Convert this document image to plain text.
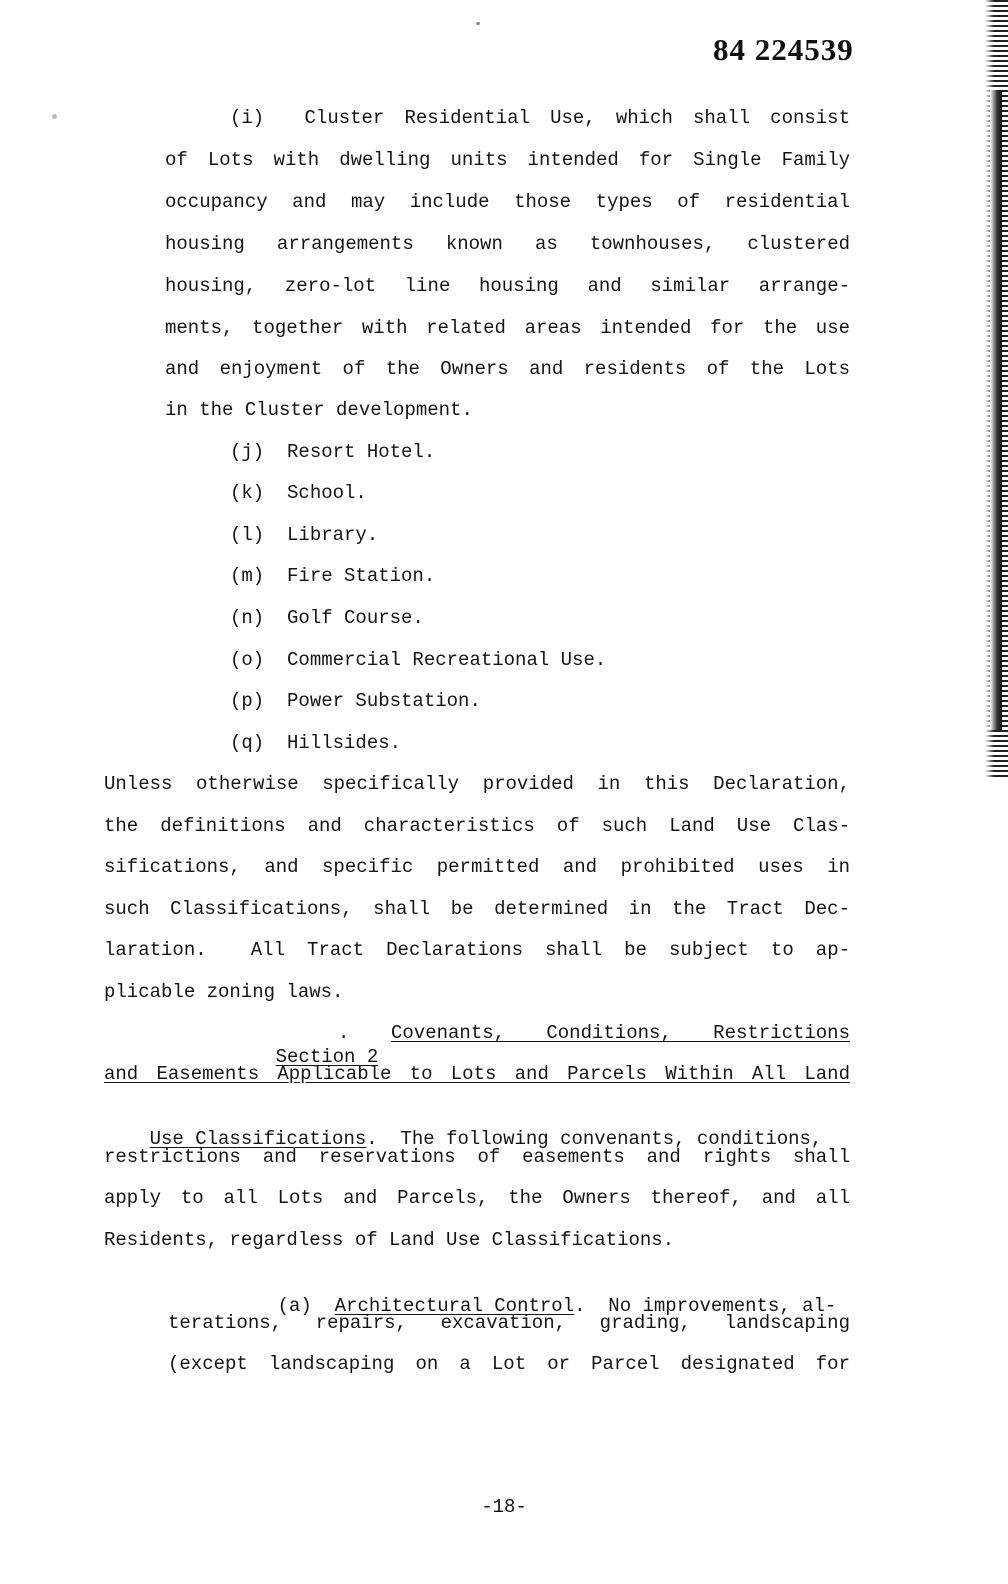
84 224539
(i)  Cluster Residential Use, which shall consist
of Lots with dwelling units intended for Single Family
occupancy and may include those types of residential
housing arrangements known as townhouses, clustered
housing, zero-lot line housing and similar arrange-
ments, together with related areas intended for the use
and enjoyment of the Owners and residents of the Lots
in the Cluster development.
(j)  Resort Hotel.
(k)  School.
(l)  Library.
(m)  Fire Station.
(n)  Golf Course.
(o)  Commercial Recreational Use.
(p)  Power Substation.
(q)  Hillsides.
Unless otherwise specifically provided in this Declaration,
the definitions and characteristics of such Land Use Clas-
sifications, and specific permitted and prohibited uses in
such Classifications, shall be determined in the Tract Dec-
laration.  All Tract Declarations shall be subject to ap-
plicable zoning laws.

Section 2

. Covenants, Conditions, Restrictions
and Easements Applicable to Lots and Parcels Within All Land

Use Classifications.  The following convenants, conditions,

restrictions and reservations of easements and rights shall
apply to all Lots and Parcels, the Owners thereof, and all
Residents, regardless of Land Use Classifications.

(a) Architectural Control.  No improvements, al-

terations, repairs, excavation, grading, landscaping
(except landscaping on a Lot or Parcel designated for
-18-
